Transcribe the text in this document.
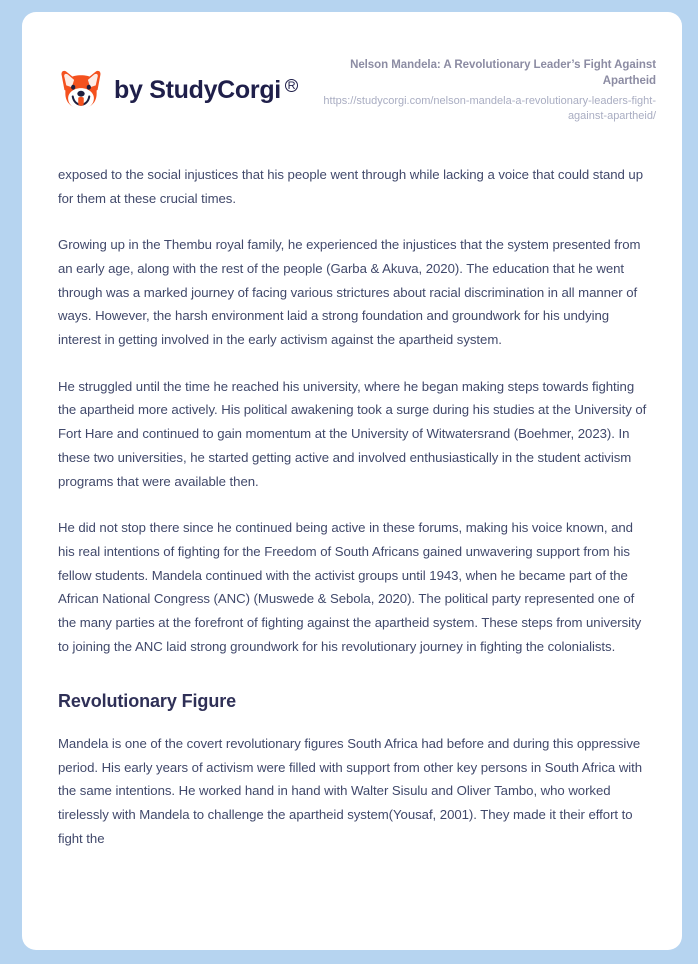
by StudyCorgi R
Nelson Mandela: A Revolutionary Leader’s Fight Against Apartheid
https://studycorgi.com/nelson-mandela-a-revolutionary-leaders-fight-against-apartheid/

exposed to the social injustices that his people went through while lacking a voice that could stand up for them at these crucial times.

Growing up in the Thembu royal family, he experienced the injustices that the system presented from an early age, along with the rest of the people (Garba & Akuva, 2020). The education that he went through was a marked journey of facing various strictures about racial discrimination in all manner of ways. However, the harsh environment laid a strong foundation and groundwork for his undying interest in getting involved in the early activism against the apartheid system.

He struggled until the time he reached his university, where he began making steps towards fighting the apartheid more actively. His political awakening took a surge during his studies at the University of Fort Hare and continued to gain momentum at the University of Witwatersrand (Boehmer, 2023). In these two universities, he started getting active and involved enthusiastically in the student activism programs that were available then.

He did not stop there since he continued being active in these forums, making his voice known, and his real intentions of fighting for the Freedom of South Africans gained unwavering support from his fellow students. Mandela continued with the activist groups until 1943, when he became part of the African National Congress (ANC) (Muswede & Sebola, 2020). The political party represented one of the many parties at the forefront of fighting against the apartheid system. These steps from university to joining the ANC laid strong groundwork for his revolutionary journey in fighting the colonialists.

Revolutionary Figure

Mandela is one of the covert revolutionary figures South Africa had before and during this oppressive period. His early years of activism were filled with support from other key persons in South Africa with the same intentions. He worked hand in hand with Walter Sisulu and Oliver Tambo, who worked tirelessly with Mandela to challenge the apartheid system(Yousaf, 2001). They made it their effort to fight the
